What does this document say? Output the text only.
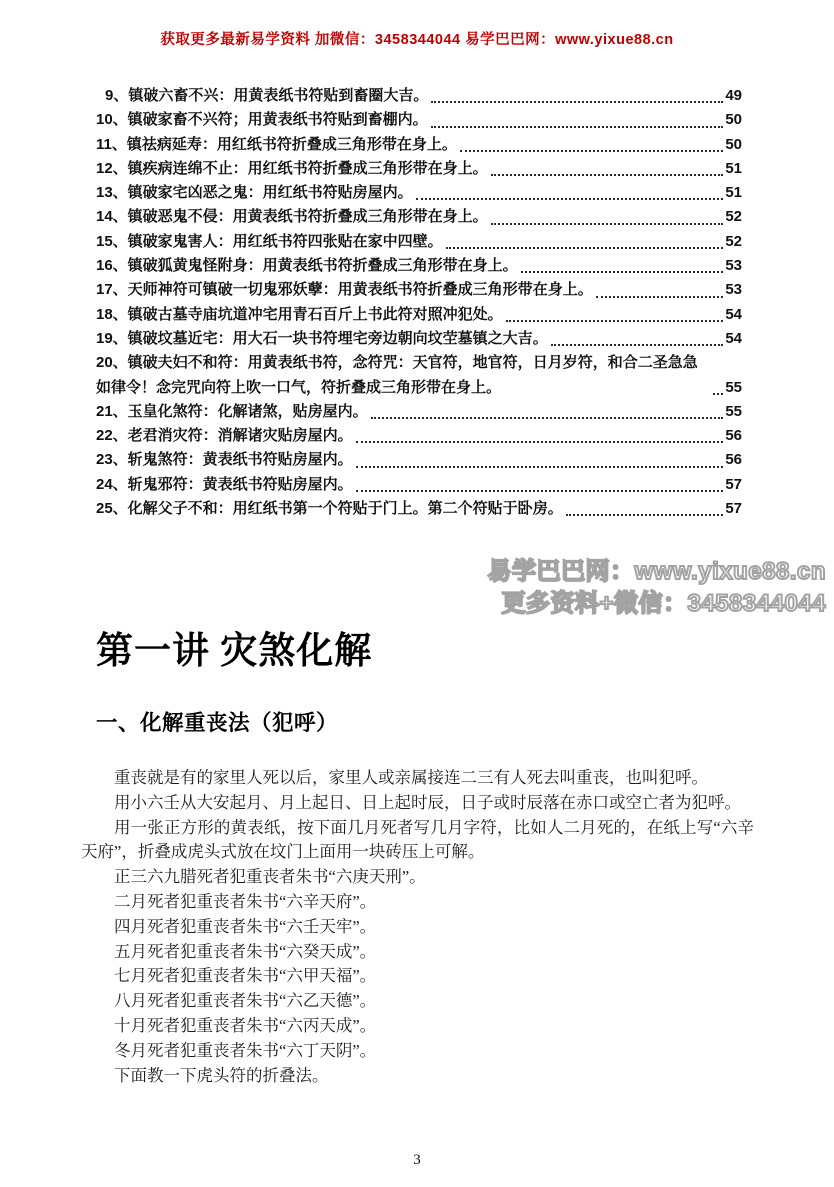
获取更多最新易学资料 加微信：3458344044 易学巴巴网：www.yixue88.cn
9、镇破六畜不兴：用黄表纸书符贴到畜圈大吉。	49
10、镇破家畜不兴符；用黄表纸书符贴到畜棚内。	50
11、镇祛病延寿：用红纸书符折叠成三角形带在身上。	50
12、镇疾病连绵不止：用红纸书符折叠成三角形带在身上。	51
13、镇破家宅凶恶之鬼：用红纸书符贴房屋内。	51
14、镇破恶鬼不侵：用黄表纸书符折叠成三角形带在身上。	52
15、镇破家鬼害人：用红纸书符四张贴在家中四壁。	52
16、镇破狐黄鬼怪附身：用黄表纸书符折叠成三角形带在身上。	53
17、天师神符可镇破一切鬼邪妖孽：用黄表纸书符折叠成三角形带在身上。	53
18、镇破古墓寺庙坑道冲宅用青石百斤上书此符对照冲犯处。	54
19、镇破坟墓近宅：用大石一块书符埋宅旁边朝向坟茔墓镇之大吉。	54
20、镇破夫妇不和符：用黄表纸书符，念符咒：天官符，地官符，日月岁符，和合二圣急急如律令！念完咒向符上吹一口气，符折叠成三角形带在身上。	55
21、玉皇化煞符：化解诸煞，贴房屋内。	55
22、老君消灾符：消解诸灾贴房屋内。	56
23、斩鬼煞符：黄表纸书符贴房屋内。	56
24、斩鬼邪符：黄表纸书符贴房屋内。	57
25、化解父子不和：用红纸书第一个符贴于门上。第二个符贴于卧房。	57
易学巴巴网：www.yixue88.cn
更多资料+微信：3458344044
第一讲 灾煞化解
一、化解重丧法（犯呼）

重丧就是有的家里人死以后，家里人或亲属接连二三有人死去叫重丧，也叫犯呼。

用小六壬从大安起月、月上起日、日上起时辰，日子或时辰落在赤口或空亡者为犯呼。

用一张正方形的黄表纸，按下面几月死者写几月字符，比如人二月死的，在纸上写“六辛天府”，折叠成虎头式放在坟门上面用一块砖压上可解。

正三六九腊死者犯重丧者朱书“六庚天刑”。

二月死者犯重丧者朱书“六辛天府”。

四月死者犯重丧者朱书“六壬天牢”。

五月死者犯重丧者朱书“六癸天成”。

七月死者犯重丧者朱书“六甲天福”。

八月死者犯重丧者朱书“六乙天德”。

十月死者犯重丧者朱书“六丙天成”。

冬月死者犯重丧者朱书“六丁天阴”。

下面教一下虎头符的折叠法。

3
